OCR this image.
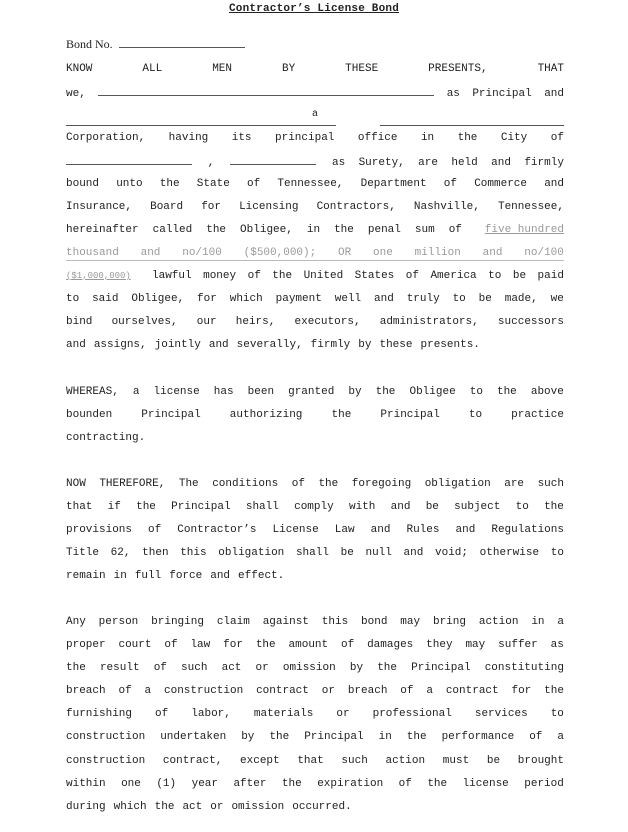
Contractor’s License Bond
Bond No.
KNOW	ALL	MEN	BY	THESE	PRESENTS,	THAT
we,	as Principal and
a
Corporation, having its principal office in the City of
,	as Surety, are held and firmly
bound unto the State of Tennessee, Department of Commerce and
Insurance, Board for Licensing Contractors, Nashville, Tennessee,
hereinafter called the Obligee, in the penal sum of five hundred
thousand and no/100 ($500,000); OR one million and no/100
($1,000,000) lawful money of the United States of America to be paid
to said Obligee, for which payment well and truly to be made, we
bind ourselves, our heirs, executors, administrators, successors
and assigns, jointly and severally, firmly by these presents.
WHEREAS, a license has been granted by the Obligee to the above
bounden	Principal	authorizing	the	Principal	to	practice
contracting.
NOW THEREFORE, The conditions of the foregoing obligation are such
that if the Principal shall comply with and be subject to the
provisions of Contractor’s License Law and Rules and Regulations
Title 62, then this obligation shall be null and void; otherwise to
remain in full force and effect.
Any person bringing claim against this bond may bring action in a
proper court of law for the amount of damages they may suffer as
the result of such act or omission by the Principal constituting
breach of a construction contract or breach of a contract for the
furnishing of labor, materials or professional services to
construction undertaken by the Principal in the performance of a
construction contract, except that such action must be brought
within one (1) year after the expiration of the license period
during which the act or omission occurred.
